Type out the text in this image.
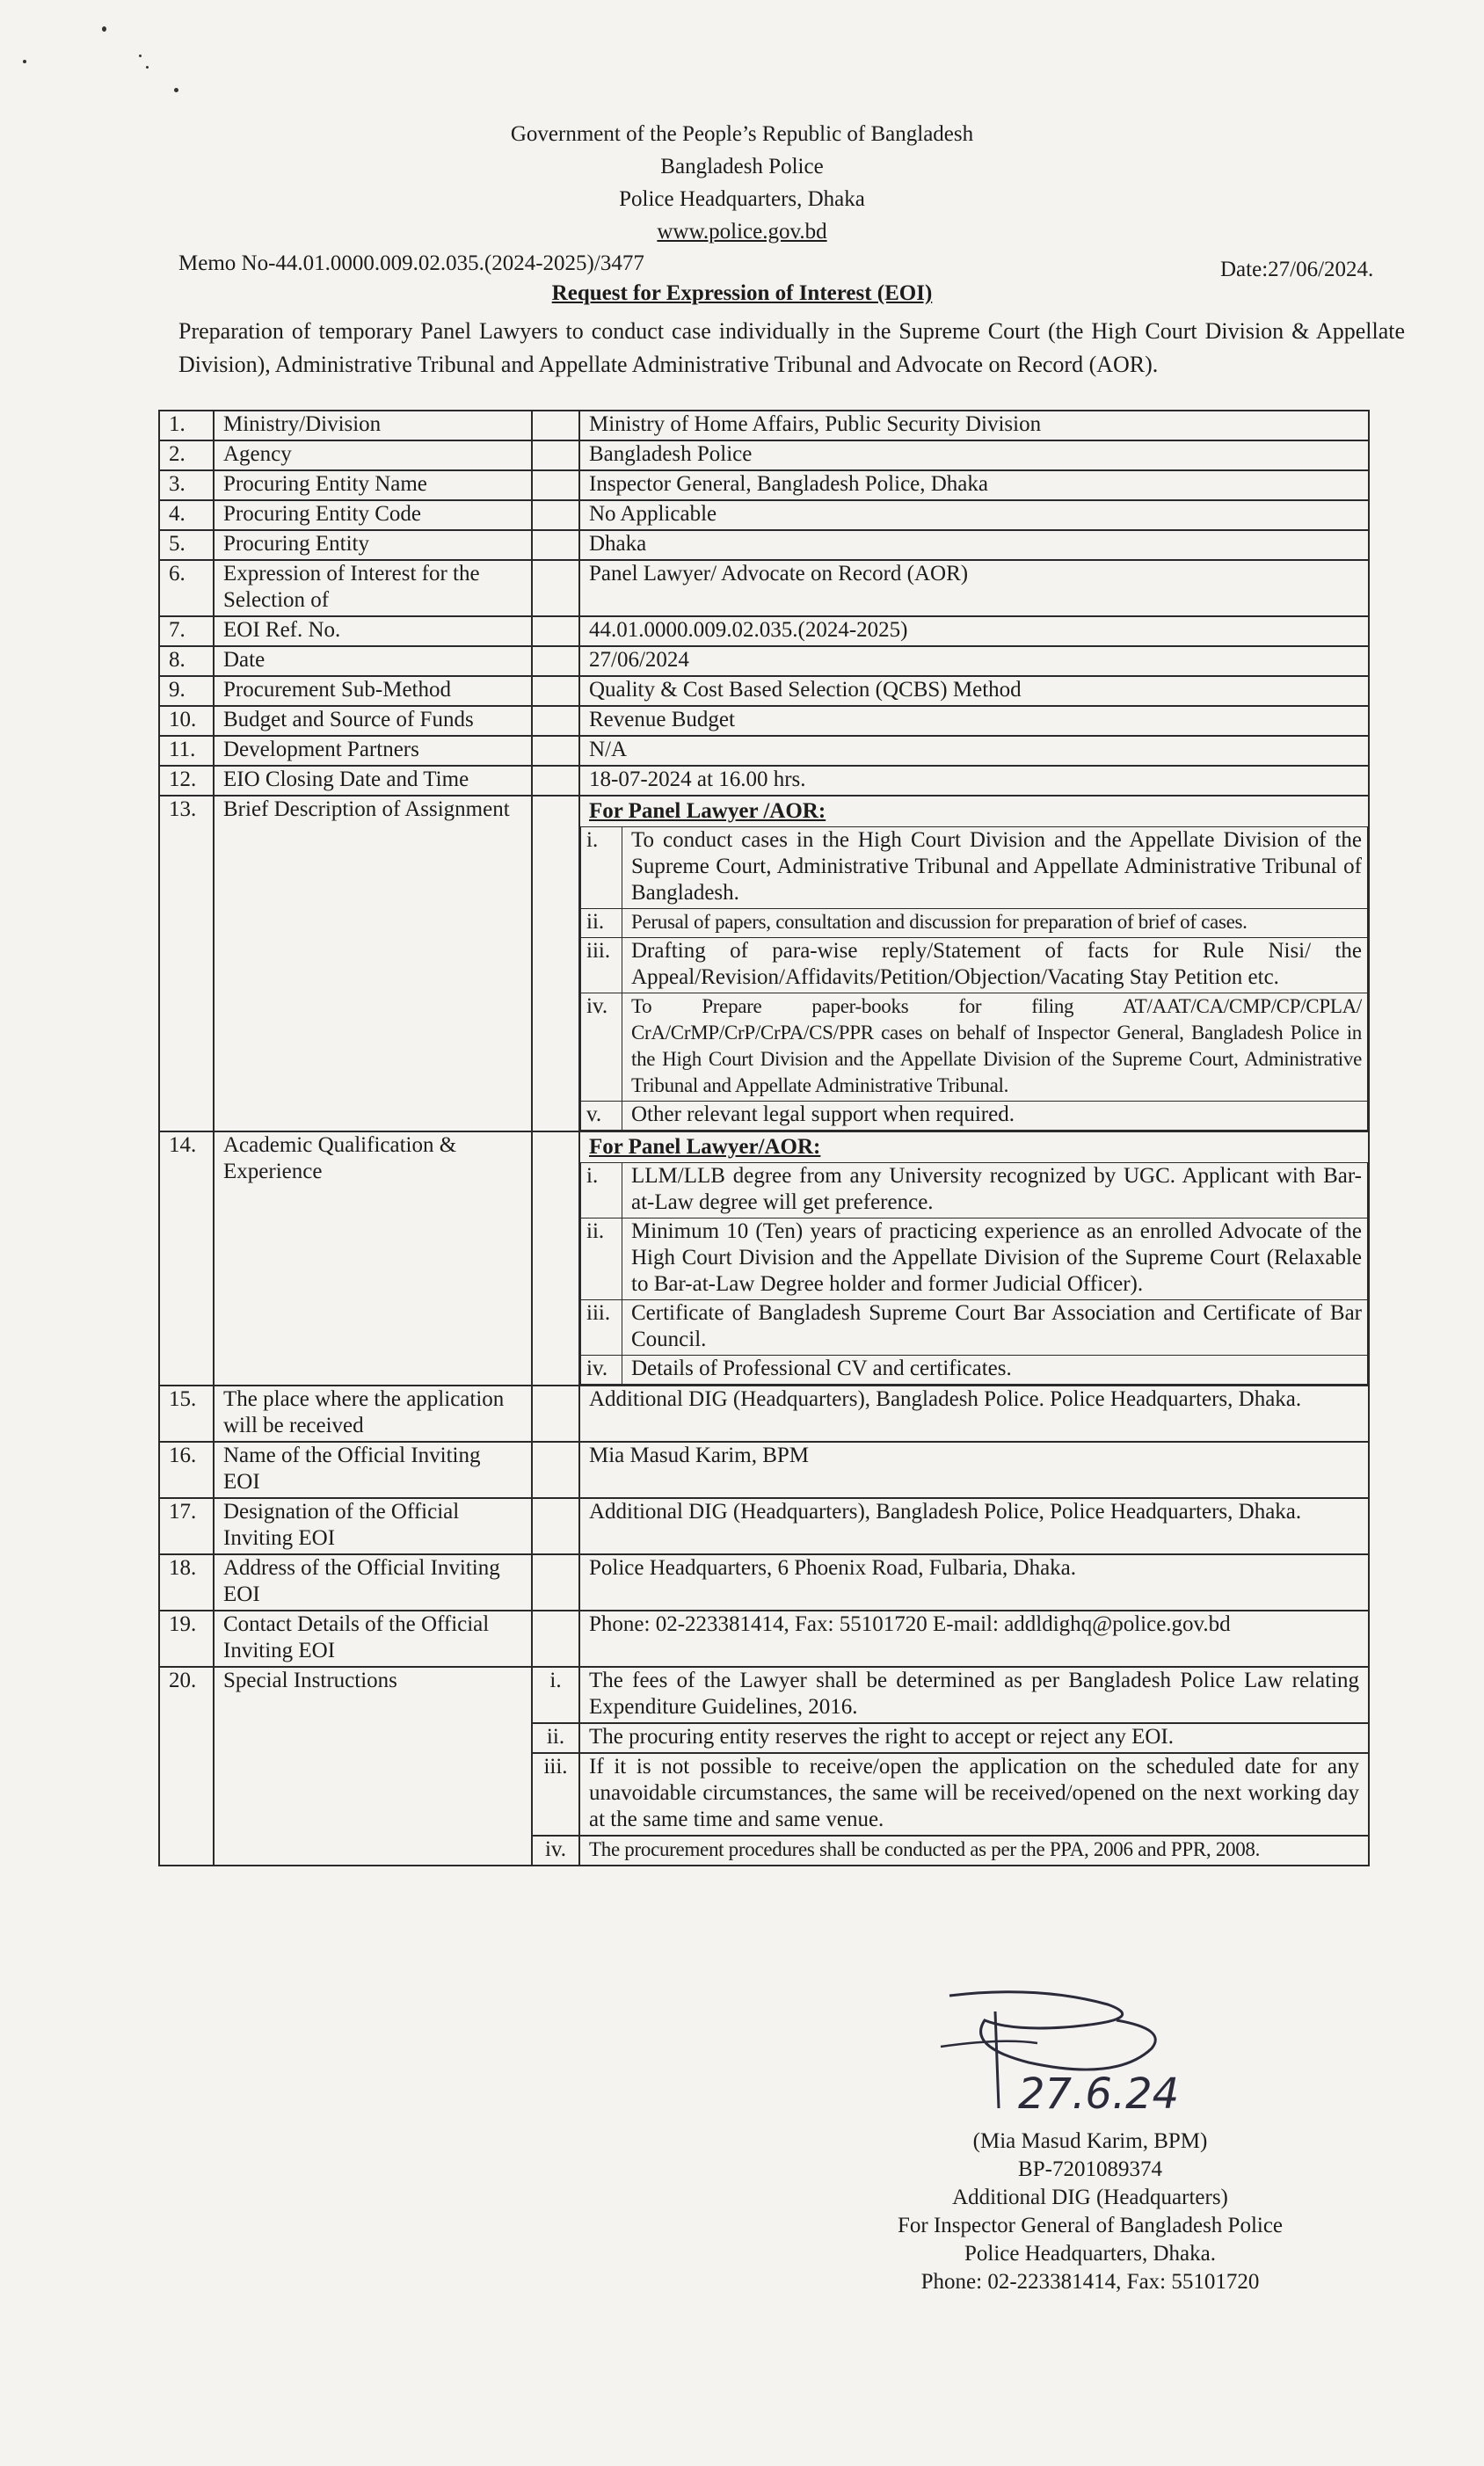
Government of the People’s Republic of Bangladesh
Bangladesh Police
Police Headquarters, Dhaka
www.police.gov.bd
Memo No-44.01.0000.009.02.035.(2024-2025)/3477	Date:27/06/2024.
Request for Expression of Interest (EOI)
Preparation of temporary Panel Lawyers to conduct case individually in the Supreme Court (the High Court Division & Appellate Division), Administrative Tribunal and Appellate Administrative Tribunal and Advocate on Record (AOR).
1.	Ministry/Division		Ministry of Home Affairs, Public Security Division
2.	Agency		Bangladesh Police
3.	Procuring Entity Name		Inspector General, Bangladesh Police, Dhaka
4.	Procuring Entity Code		No Applicable
5.	Procuring Entity		Dhaka
6.	Expression of Interest for the Selection of		Panel Lawyer/ Advocate on Record (AOR)
7.	EOI Ref. No.		44.01.0000.009.02.035.(2024-2025)
8.	Date		27/06/2024
9.	Procurement Sub-Method		Quality & Cost Based Selection (QCBS) Method
10.	Budget and Source of Funds		Revenue Budget
11.	Development Partners		N/A
12.	EIO Closing Date and Time		18-07-2024 at 16.00 hrs.
13.	Brief Description of Assignment		For Panel Lawyer /AOR:
i.	To conduct cases in the High Court Division and the Appellate Division of the Supreme Court, Administrative Tribunal and Appellate Administrative Tribunal of Bangladesh.
ii.	Perusal of papers, consultation and discussion for preparation of brief of cases.
iii.	Drafting of para-wise reply/Statement of facts for Rule Nisi/ the Appeal/Revision/Affidavits/Petition/Objection/Vacating Stay Petition etc.
iv.	To Prepare paper-books for filing AT/AAT/CA/CMP/CP/CPLA/ CrA/CrMP/CrP/CrPA/CS/PPR cases on behalf of Inspector General, Bangladesh Police in the High Court Division and the Appellate Division of the Supreme Court, Administrative Tribunal and Appellate Administrative Tribunal.
v.	Other relevant legal support when required.

14.	Academic Qualification & Experience		
For Panel Lawyer/AOR:
i.	LLM/LLB degree from any University recognized by UGC. Applicant with Bar-at-Law degree will get preference.
ii.	Minimum 10 (Ten) years of practicing experience as an enrolled Advocate of the High Court Division and the Appellate Division of the Supreme Court (Relaxable to Bar-at-Law Degree holder and former Judicial Officer).
iii.	Certificate of Bangladesh Supreme Court Bar Association and Certificate of Bar Council.
iv.	Details of Professional CV and certificates.

15.	The place where the application will be received		Additional DIG (Headquarters), Bangladesh Police. Police Headquarters, Dhaka.
16.	Name of the Official Inviting EOI		Mia Masud Karim, BPM
17.	Designation of the Official Inviting EOI		Additional DIG (Headquarters), Bangladesh Police, Police Headquarters, Dhaka.
18.	Address of the Official Inviting EOI		Police Headquarters, 6 Phoenix Road, Fulbaria, Dhaka.
19.	Contact Details of the Official Inviting EOI		Phone: 02-223381414, Fax: 55101720 E-mail: addldighq@police.gov.bd
20.	Special Instructions	i.	The fees of the Lawyer shall be determined as per Bangladesh Police Law relating Expenditure Guidelines, 2016.
ii.	The procuring entity reserves the right to accept or reject any EOI.
iii.	If it is not possible to receive/open the application on the scheduled date for any unavoidable circumstances, the same will be received/opened on the next working day at the same time and same venue.
iv.	The procurement procedures shall be conducted as per the PPA, 2006 and PPR, 2008.
27.6.24
(Mia Masud Karim, BPM)
BP-7201089374
Additional DIG (Headquarters)
For Inspector General of Bangladesh Police
Police Headquarters, Dhaka.
Phone: 02-223381414, Fax: 55101720
